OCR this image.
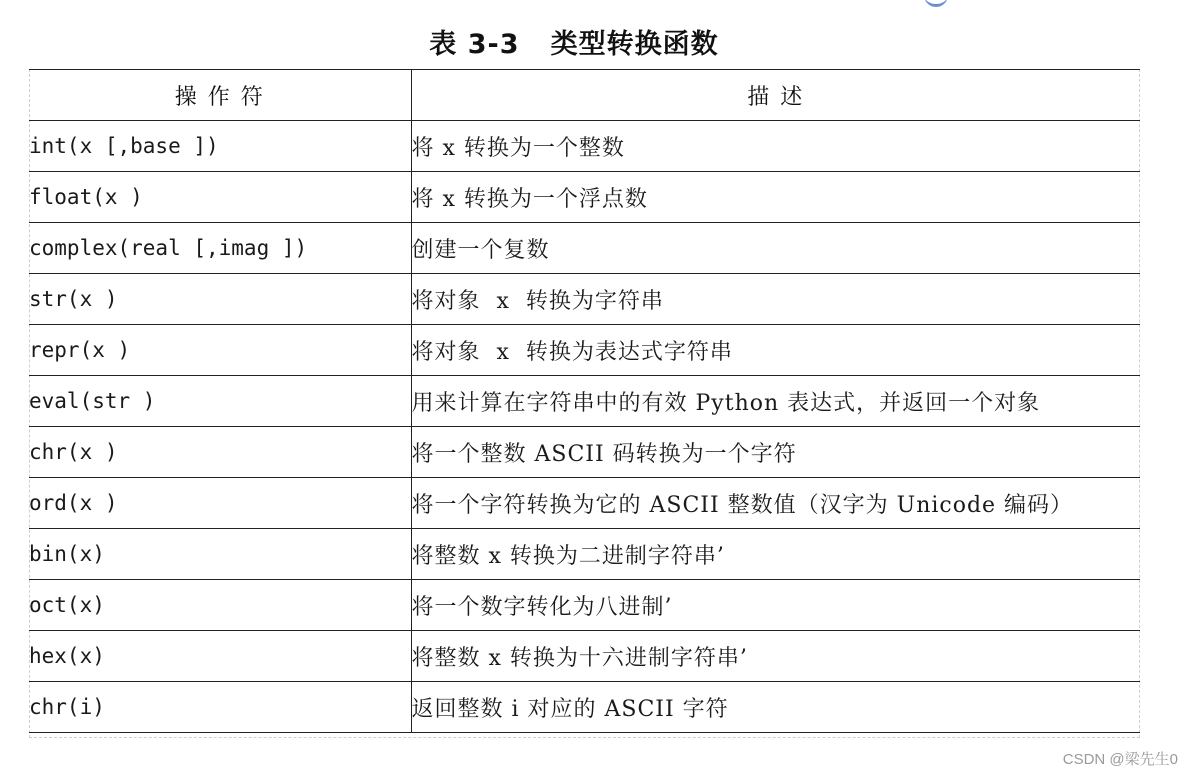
表 3-3   类型转换函数
操 作 符	描 述
int(x [,base ])	将 x 转换为一个整数
float(x )	将 x 转换为一个浮点数
complex(real [,imag ])	创建一个复数
str(x )	将对象  x  转换为字符串
repr(x )	将对象  x  转换为表达式字符串
eval(str )	用来计算在字符串中的有效 Python 表达式，并返回一个对象
chr(x )	将一个整数 ASCII 码转换为一个字符
ord(x )	将一个字符转换为它的 ASCII 整数值（汉字为 Unicode 编码）
bin(x)	将整数 x 转换为二进制字符串’
oct(x)	将一个数字转化为八进制’
hex(x)	将整数 x 转换为十六进制字符串’
chr(i)	返回整数 i 对应的 ASCII 字符
CSDN @梁先生0
